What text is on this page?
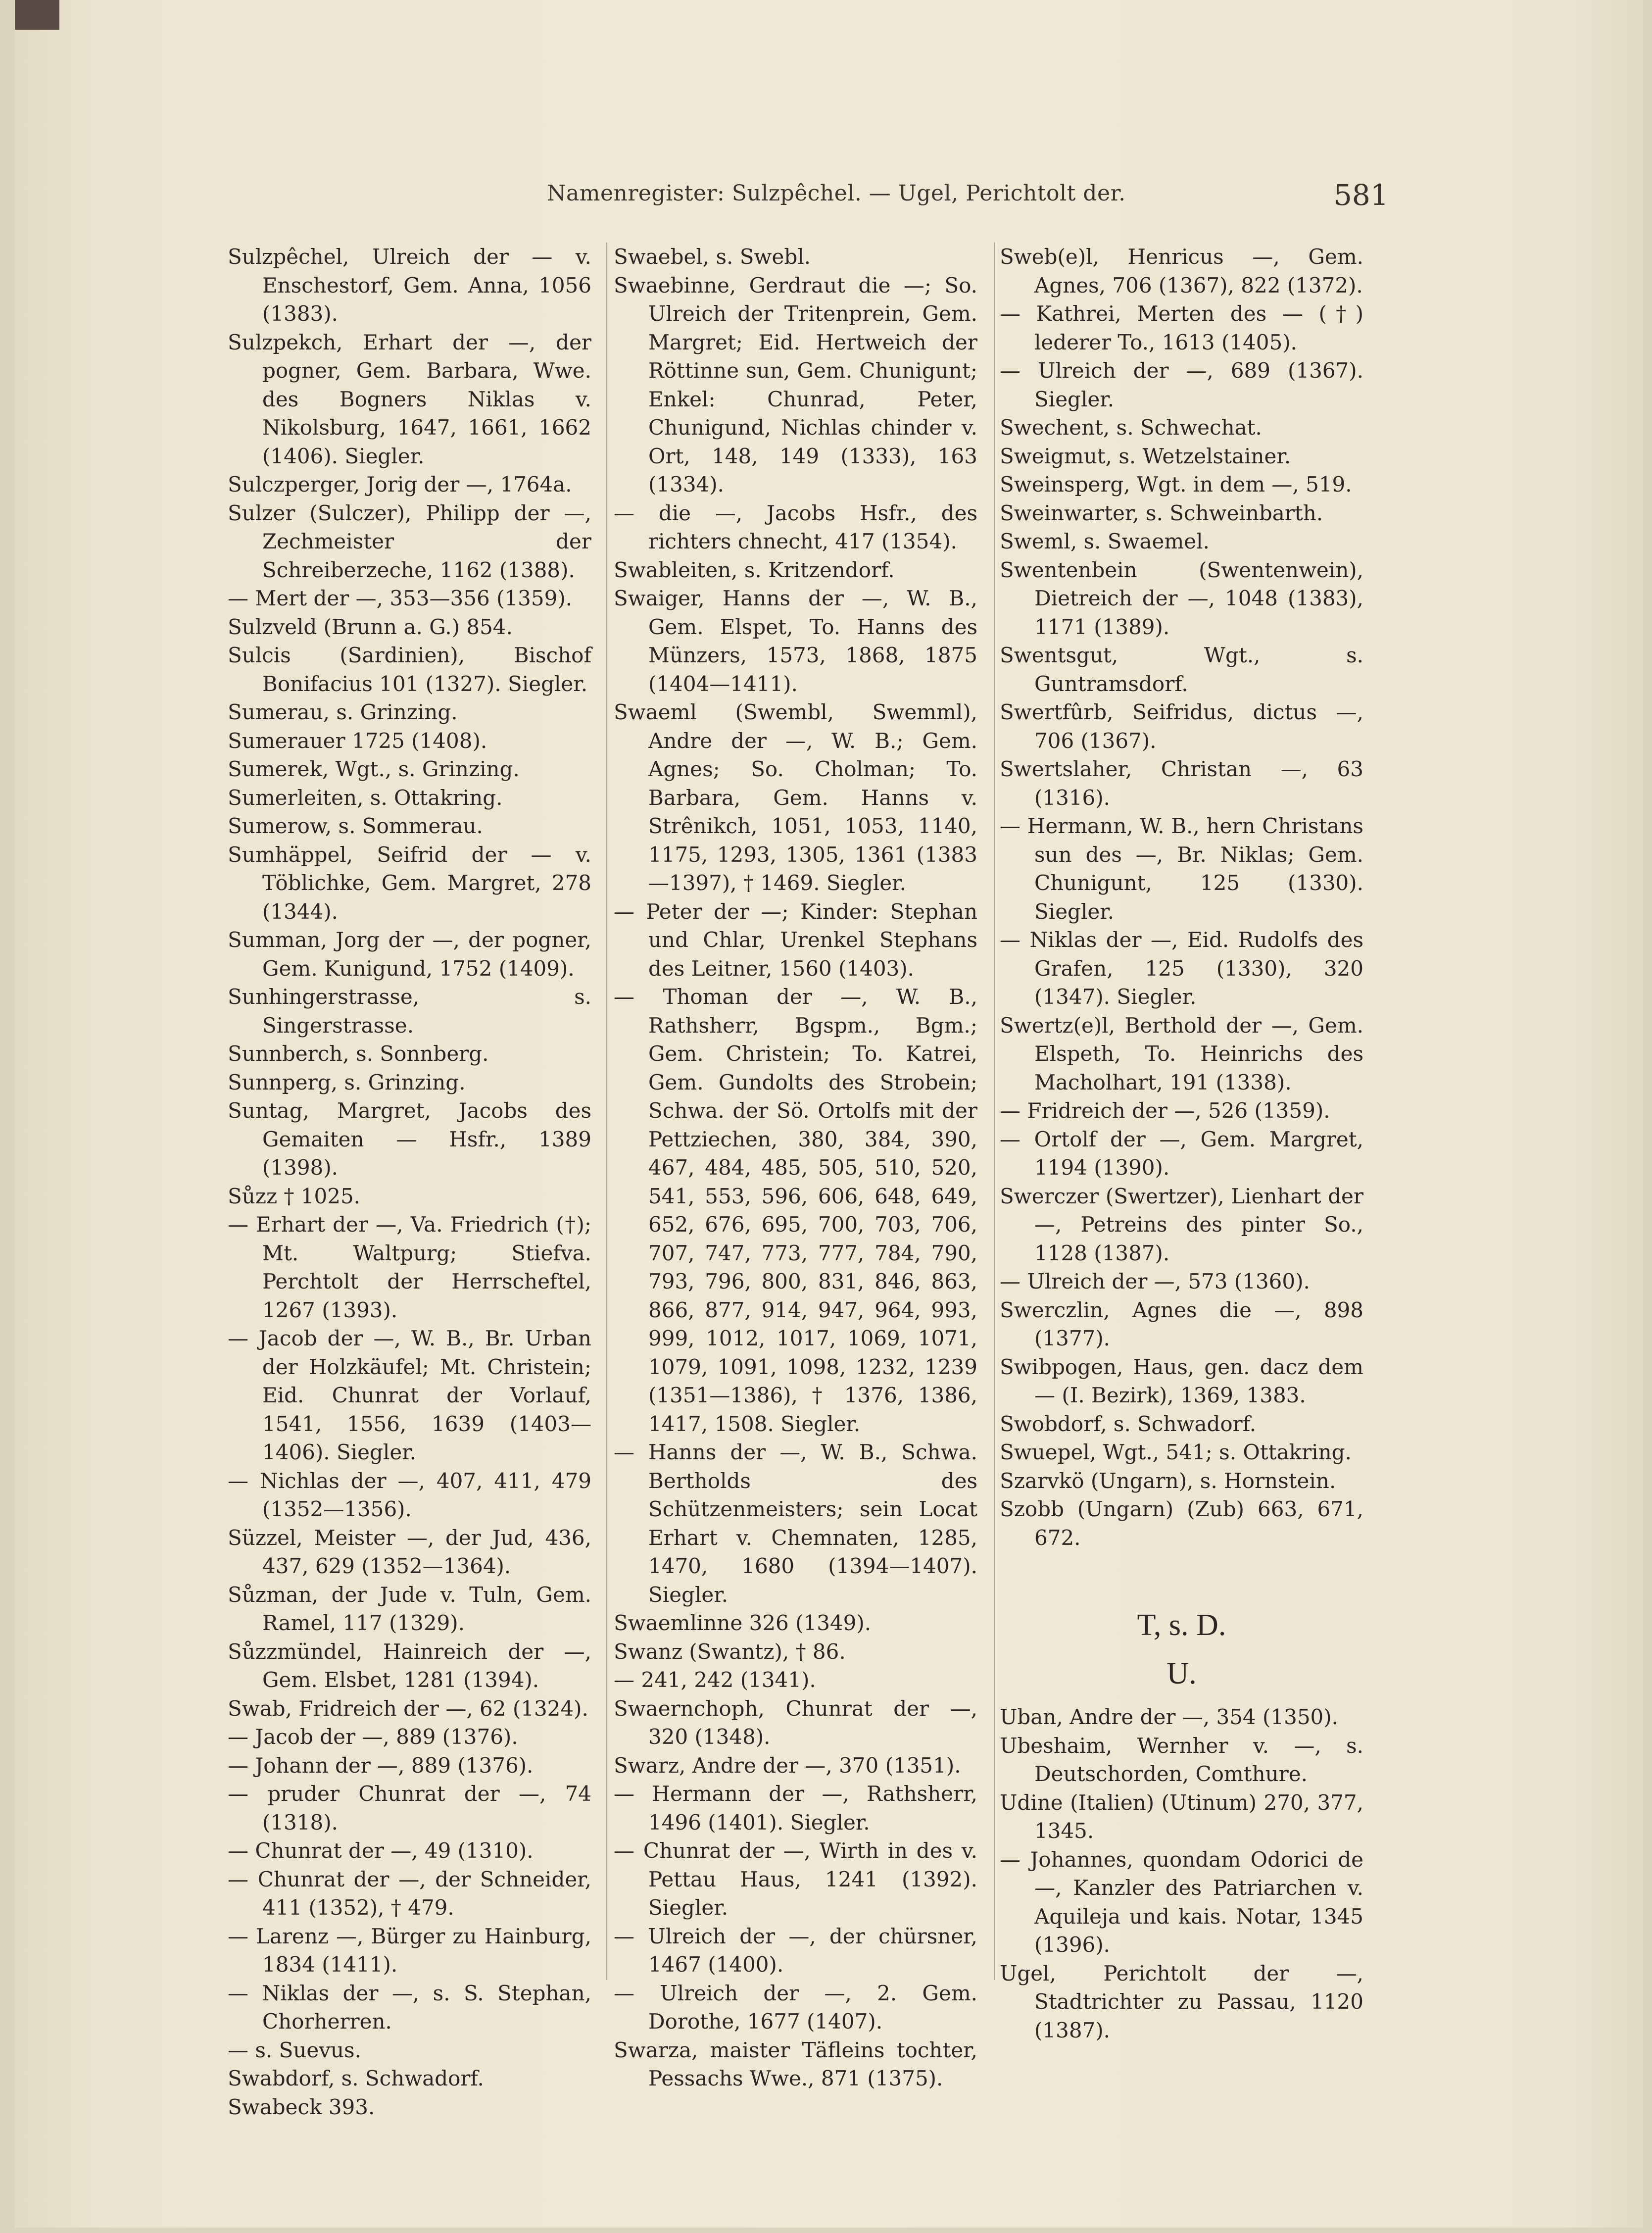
Namenregister: Sulzpêchel. — Ugel, Perichtolt der.	581
Sulzpêchel, Ulreich der — v. Enschestorf, Gem. Anna, 1056 (1383).
Sulzpekch, Erhart der —, der pogner, Gem. Barbara, Wwe. des Bogners Niklas v. Nikolsburg, 1647, 1661, 1662 (1406). Siegler.
Sulczperger, Jorig der —, 1764a.
Sulzer (Sulczer), Philipp der —, Zechmeister der Schreiberzeche, 1162 (1388).
— Mert der —, 353—356 (1359).
Sulzveld (Brunn a. G.) 854.
Sulcis (Sardinien), Bischof Bonifacius 101 (1327). Siegler.
Sumerau, s. Grinzing.
Sumerauer 1725 (1408).
Sumerek, Wgt., s. Grinzing.
Sumerleiten, s. Ottakring.
Sumerow, s. Sommerau.
Sumhäppel, Seifrid der — v. Töblichke, Gem. Margret, 278 (1344).
Summan, Jorg der —, der pogner, Gem. Kunigund, 1752 (1409).
Sunhingerstrasse, s. Singerstrasse.
Sunnberch, s. Sonnberg.
Sunnperg, s. Grinzing.
Suntag, Margret, Jacobs des Gemaiten — Hsfr., 1389 (1398).
Sůzz † 1025.
— Erhart der —, Va. Friedrich (†); Mt. Waltpurg; Stiefva. Perchtolt der Herrscheftel, 1267 (1393).
— Jacob der —, W. B., Br. Urban der Holzkäufel; Mt. Christein; Eid. Chunrat der Vorlauf, 1541, 1556, 1639 (1403—1406). Siegler.
— Nichlas der —, 407, 411, 479 (1352—1356).
Süzzel, Meister —, der Jud, 436, 437, 629 (1352—1364).
Sůzman, der Jude v. Tuln, Gem. Ramel, 117 (1329).
Sůzzmündel, Hainreich der —, Gem. Elsbet, 1281 (1394).
Swab, Fridreich der —, 62 (1324).
— Jacob der —, 889 (1376).
— Johann der —, 889 (1376).
— pruder Chunrat der —, 74 (1318).
— Chunrat der —, 49 (1310).
— Chunrat der —, der Schneider, 411 (1352), † 479.
— Larenz —, Bürger zu Hainburg, 1834 (1411).
— Niklas der —, s. S. Stephan, Chorherren.
— s. Suevus.
Swabdorf, s. Schwadorf.
Swabeck 393.
Swaebel, s. Swebl.
Swaebinne, Gerdraut die —; So. Ulreich der Tritenprein, Gem. Margret; Eid. Hertweich der Röttinne sun, Gem. Chunigunt; Enkel: Chunrad, Peter, Chunigund, Nichlas chinder v. Ort, 148, 149 (1333), 163 (1334).
— die —, Jacobs Hsfr., des richters chnecht, 417 (1354).
Swableiten, s. Kritzendorf.
Swaiger, Hanns der —, W. B., Gem. Elspet, To. Hanns des Münzers, 1573, 1868, 1875 (1404—1411).
Swaeml (Swembl, Swemml), Andre der —, W. B.; Gem. Agnes; So. Cholman; To. Barbara, Gem. Hanns v. Strênikch, 1051, 1053, 1140, 1175, 1293, 1305, 1361 (1383—1397), † 1469. Siegler.
— Peter der —; Kinder: Stephan und Chlar, Urenkel Stephans des Leitner, 1560 (1403).
— Thoman der —, W. B., Rathsherr, Bgspm., Bgm.; Gem. Christein; To. Katrei, Gem. Gundolts des Strobein; Schwa. der Sö. Ortolfs mit der Pettziechen, 380, 384, 390, 467, 484, 485, 505, 510, 520, 541, 553, 596, 606, 648, 649, 652, 676, 695, 700, 703, 706, 707, 747, 773, 777, 784, 790, 793, 796, 800, 831, 846, 863, 866, 877, 914, 947, 964, 993, 999, 1012, 1017, 1069, 1071, 1079, 1091, 1098, 1232, 1239 (1351—1386), † 1376, 1386, 1417, 1508. Siegler.
— Hanns der —, W. B., Schwa. Bertholds des Schützenmeisters; sein Locat Erhart v. Chemnaten, 1285, 1470, 1680 (1394—1407). Siegler.
Swaemlinne 326 (1349).
Swanz (Swantz), † 86.
— 241, 242 (1341).
Swaernchoph, Chunrat der —, 320 (1348).
Swarz, Andre der —, 370 (1351).
— Hermann der —, Rathsherr, 1496 (1401). Siegler.
— Chunrat der —, Wirth in des v. Pettau Haus, 1241 (1392). Siegler.
— Ulreich der —, der chürsner, 1467 (1400).
— Ulreich der —, 2. Gem. Dorothe, 1677 (1407).
Swarza, maister Täfleins tochter, Pessachs Wwe., 871 (1375).
Sweb(e)l, Henricus —, Gem. Agnes, 706 (1367), 822 (1372).
— Kathrei, Merten des — (†) lederer To., 1613 (1405).
— Ulreich der —, 689 (1367). Siegler.
Swechent, s. Schwechat.
Sweigmut, s. Wetzelstainer.
Sweinsperg, Wgt. in dem —, 519.
Sweinwarter, s. Schweinbarth.
Sweml, s. Swaemel.
Swentenbein (Swentenwein), Dietreich der —, 1048 (1383), 1171 (1389).
Swentsgut, Wgt., s. Guntramsdorf.
Swertfûrb, Seifridus, dictus —, 706 (1367).
Swertslaher, Christan —, 63 (1316).
— Hermann, W. B., hern Christans sun des —, Br. Niklas; Gem. Chunigunt, 125 (1330). Siegler.
— Niklas der —, Eid. Rudolfs des Grafen, 125 (1330), 320 (1347). Siegler.
Swertz(e)l, Berthold der —, Gem. Elspeth, To. Heinrichs des Macholhart, 191 (1338).
— Fridreich der —, 526 (1359).
— Ortolf der —, Gem. Margret, 1194 (1390).
Swerczer (Swertzer), Lienhart der —, Petreins des pinter So., 1128 (1387).
— Ulreich der —, 573 (1360).
Swerczlin, Agnes die —, 898 (1377).
Swibpogen, Haus, gen. dacz dem — (I. Bezirk), 1369, 1383.
Swobdorf, s. Schwadorf.
Swuepel, Wgt., 541; s. Ottakring.
Szarvkö (Ungarn), s. Hornstein.
Szobb (Ungarn) (Zub) 663, 671, 672.
T, s. D.
U.
Uban, Andre der —, 354 (1350).
Ubeshaim, Wernher v. —, s. Deutschorden, Comthure.
Udine (Italien) (Utinum) 270, 377, 1345.
— Johannes, quondam Odorici de —, Kanzler des Patriarchen v. Aquileja und kais. Notar, 1345 (1396).
Ugel, Perichtolt der —, Stadtrichter zu Passau, 1120 (1387).
